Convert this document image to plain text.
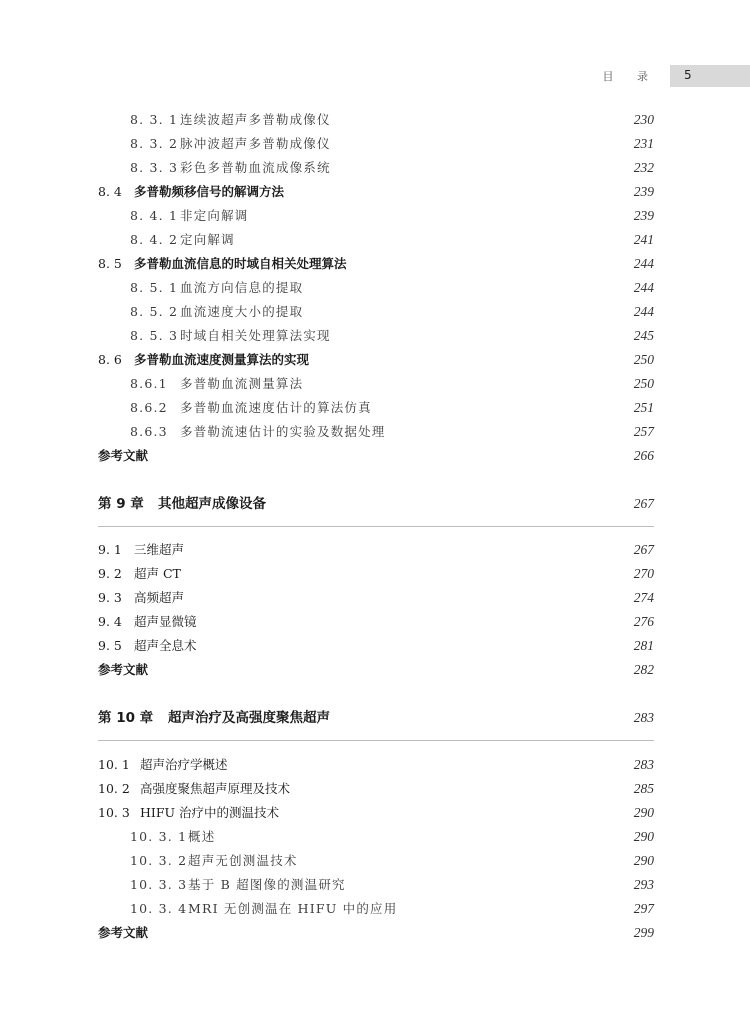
目 录 5
8. 3. 1 连续波超声多普勒成像仪	230
8. 3. 2 脉冲波超声多普勒成像仪	231
8. 3. 3 彩色多普勒血流成像系统	232
8. 4 多普勒频移信号的解调方法	239
8. 4. 1 非定向解调	239
8. 4. 2 定向解调	241
8. 5 多普勒血流信息的时域自相关处理算法	244
8. 5. 1 血流方向信息的提取	244
8. 5. 2 血流速度大小的提取	244
8. 5. 3 时域自相关处理算法实现	245
8. 6 多普勒血流速度测量算法的实现	250
8.6.1 多普勒血流测量算法	250
8.6.2 多普勒血流速度估计的算法仿真	251
8.6.3 多普勒流速估计的实验及数据处理	257
参考文献	266
第 9 章 其他超声成像设备	267
9. 1 三维超声	267
9. 2 超声 CT	270
9. 3 高频超声	274
9. 4 超声显微镜	276
9. 5 超声全息术	281
参考文献	282
第 10 章 超声治疗及高强度聚焦超声	283
10. 1 超声治疗学概述	283
10. 2 高强度聚焦超声原理及技术	285
10. 3 HIFU 治疗中的测温技术	290
10. 3. 1概述	290
10. 3. 2超声无创测温技术	290
10. 3. 3基于 B 超图像的测温研究	293
10. 3. 4MRI 无创测温在 HIFU 中的应用	297
参考文献	299
